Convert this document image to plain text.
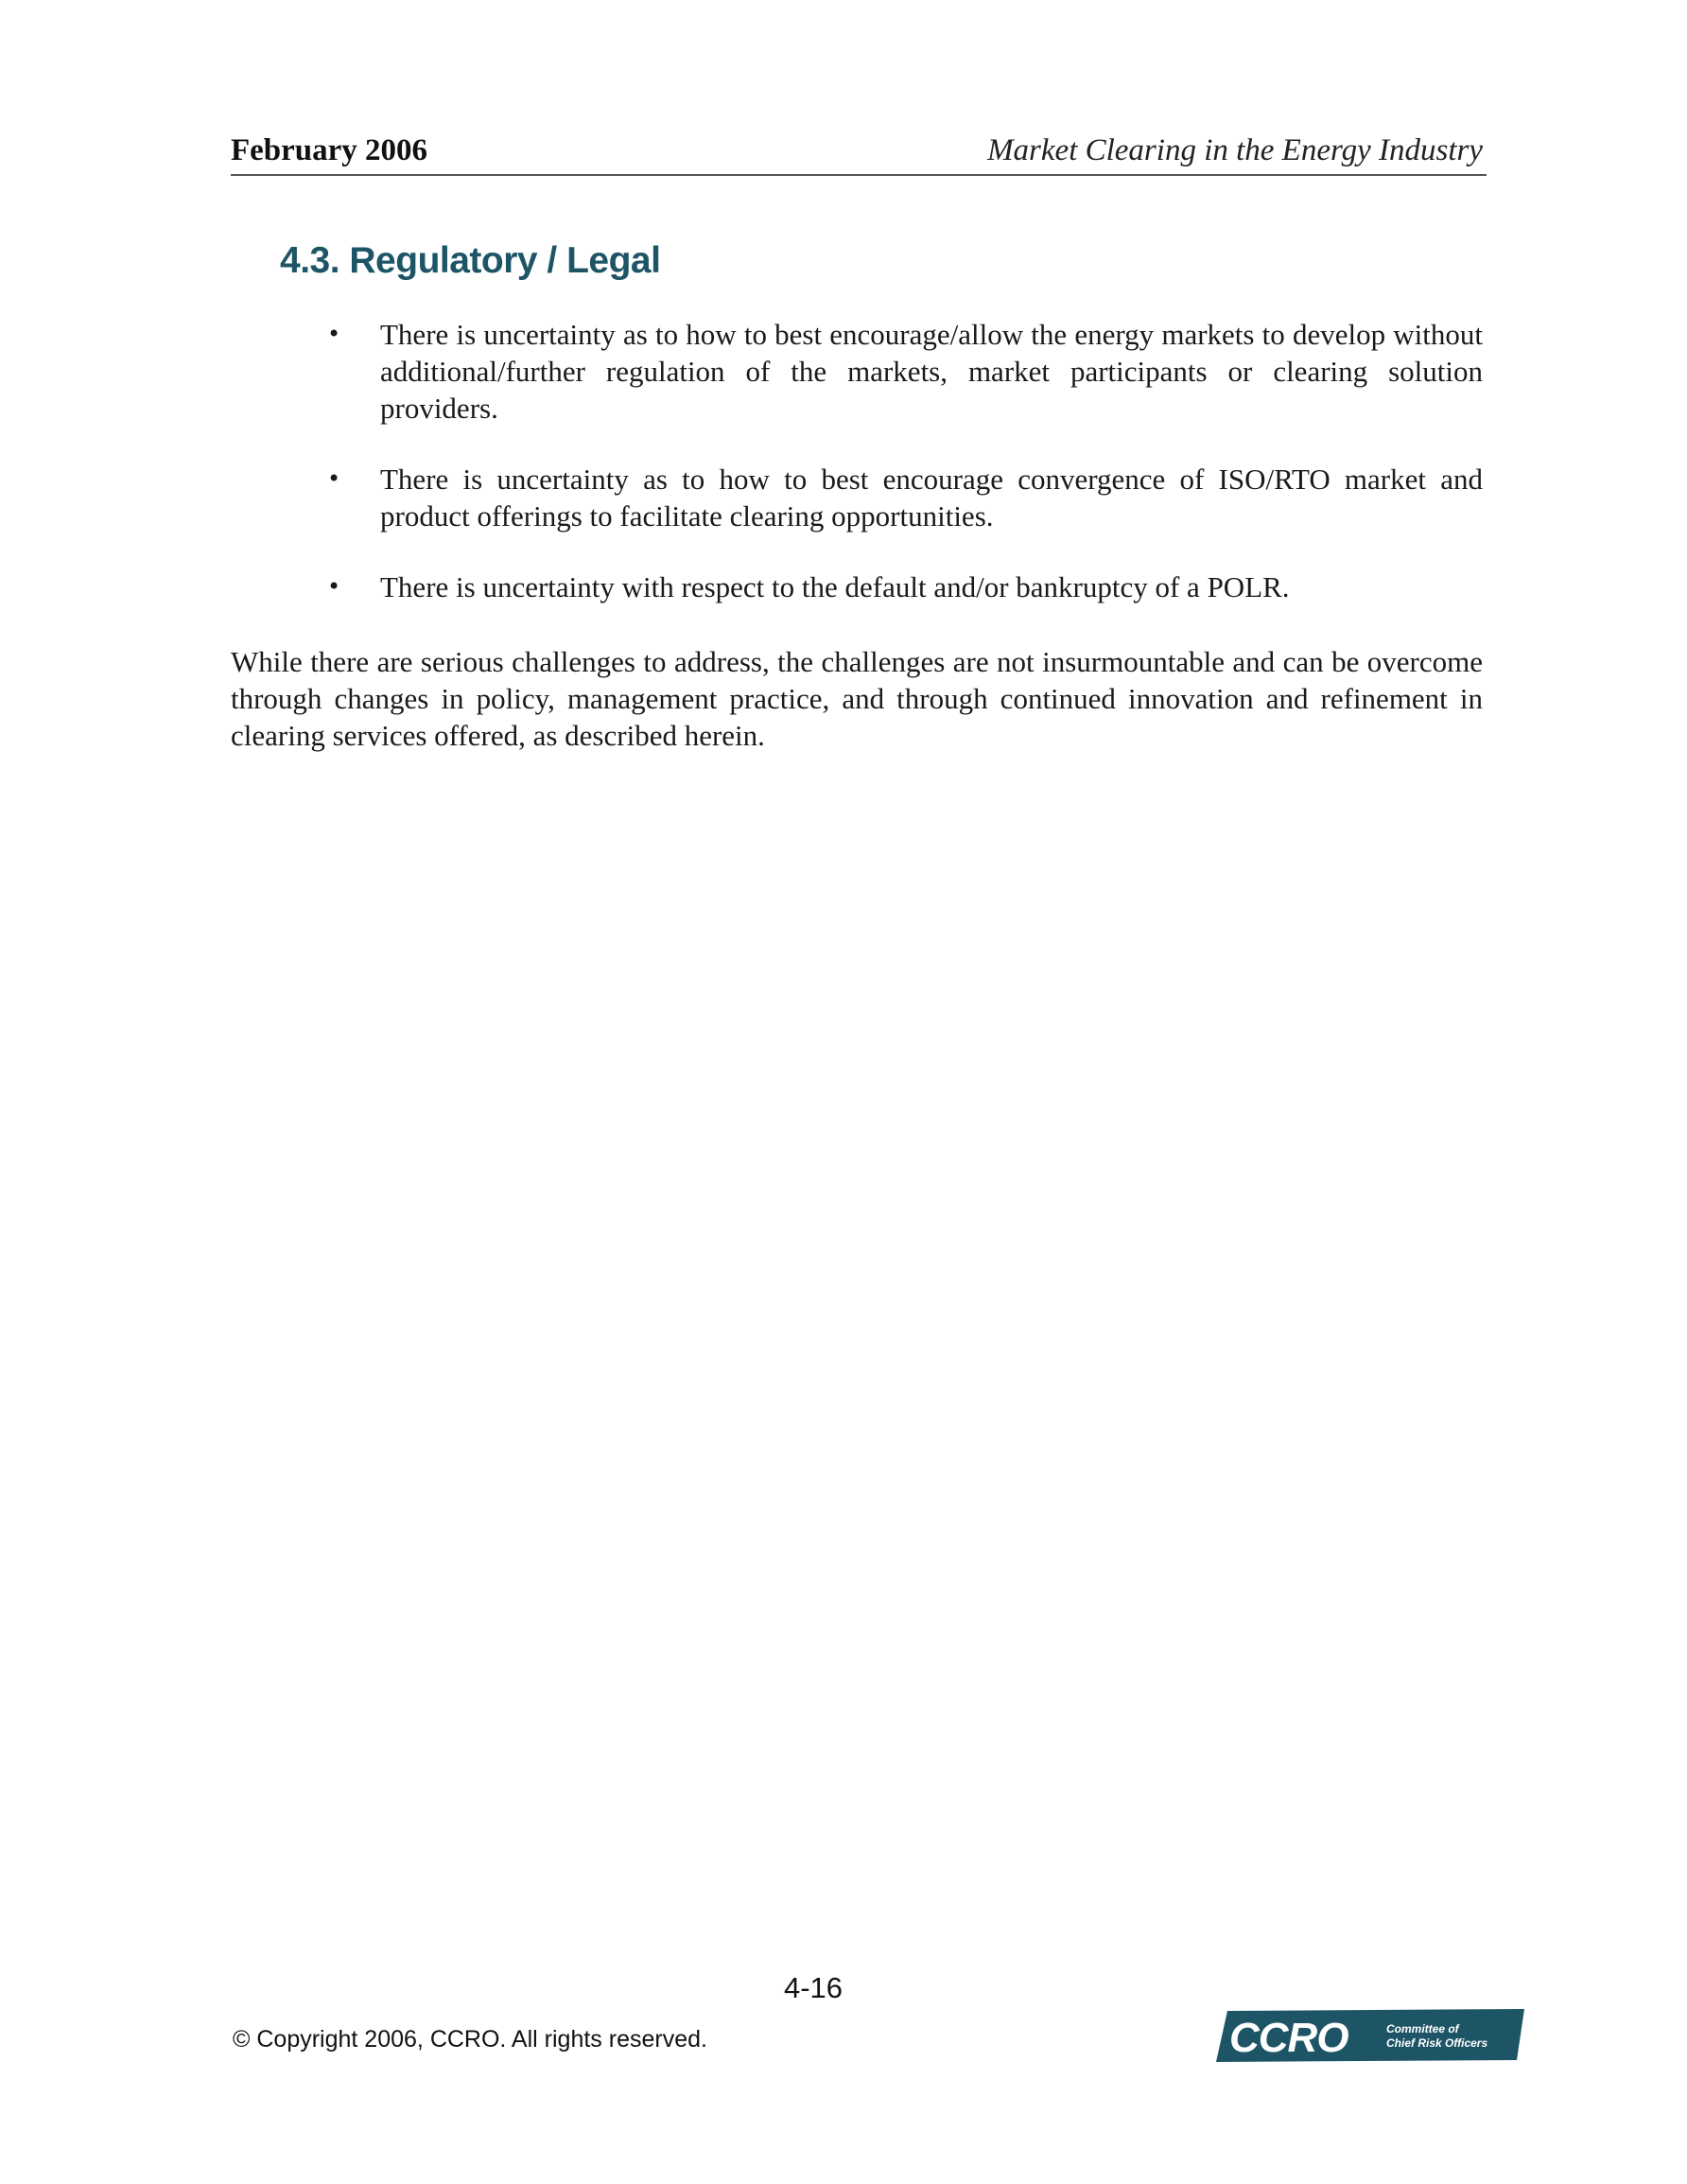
February 2006	Market Clearing in the Energy Industry
4.3. Regulatory / Legal
• There is uncertainty as to how to best encourage/allow the energy markets to develop without additional/further regulation of the markets, market participants or clearing solution providers.
• There is uncertainty as to how to best encourage convergence of ISO/RTO market and product offerings to facilitate clearing opportunities.
• There is uncertainty with respect to the default and/or bankruptcy of a POLR.

While there are serious challenges to address, the challenges are not insurmountable and can be overcome through changes in policy, management practice, and through continued innovation and refinement in clearing services offered, as described herein.

4-16
© Copyright 2006, CCRO. All rights reserved.	CCRO	Committee of
Chief Risk Officers
